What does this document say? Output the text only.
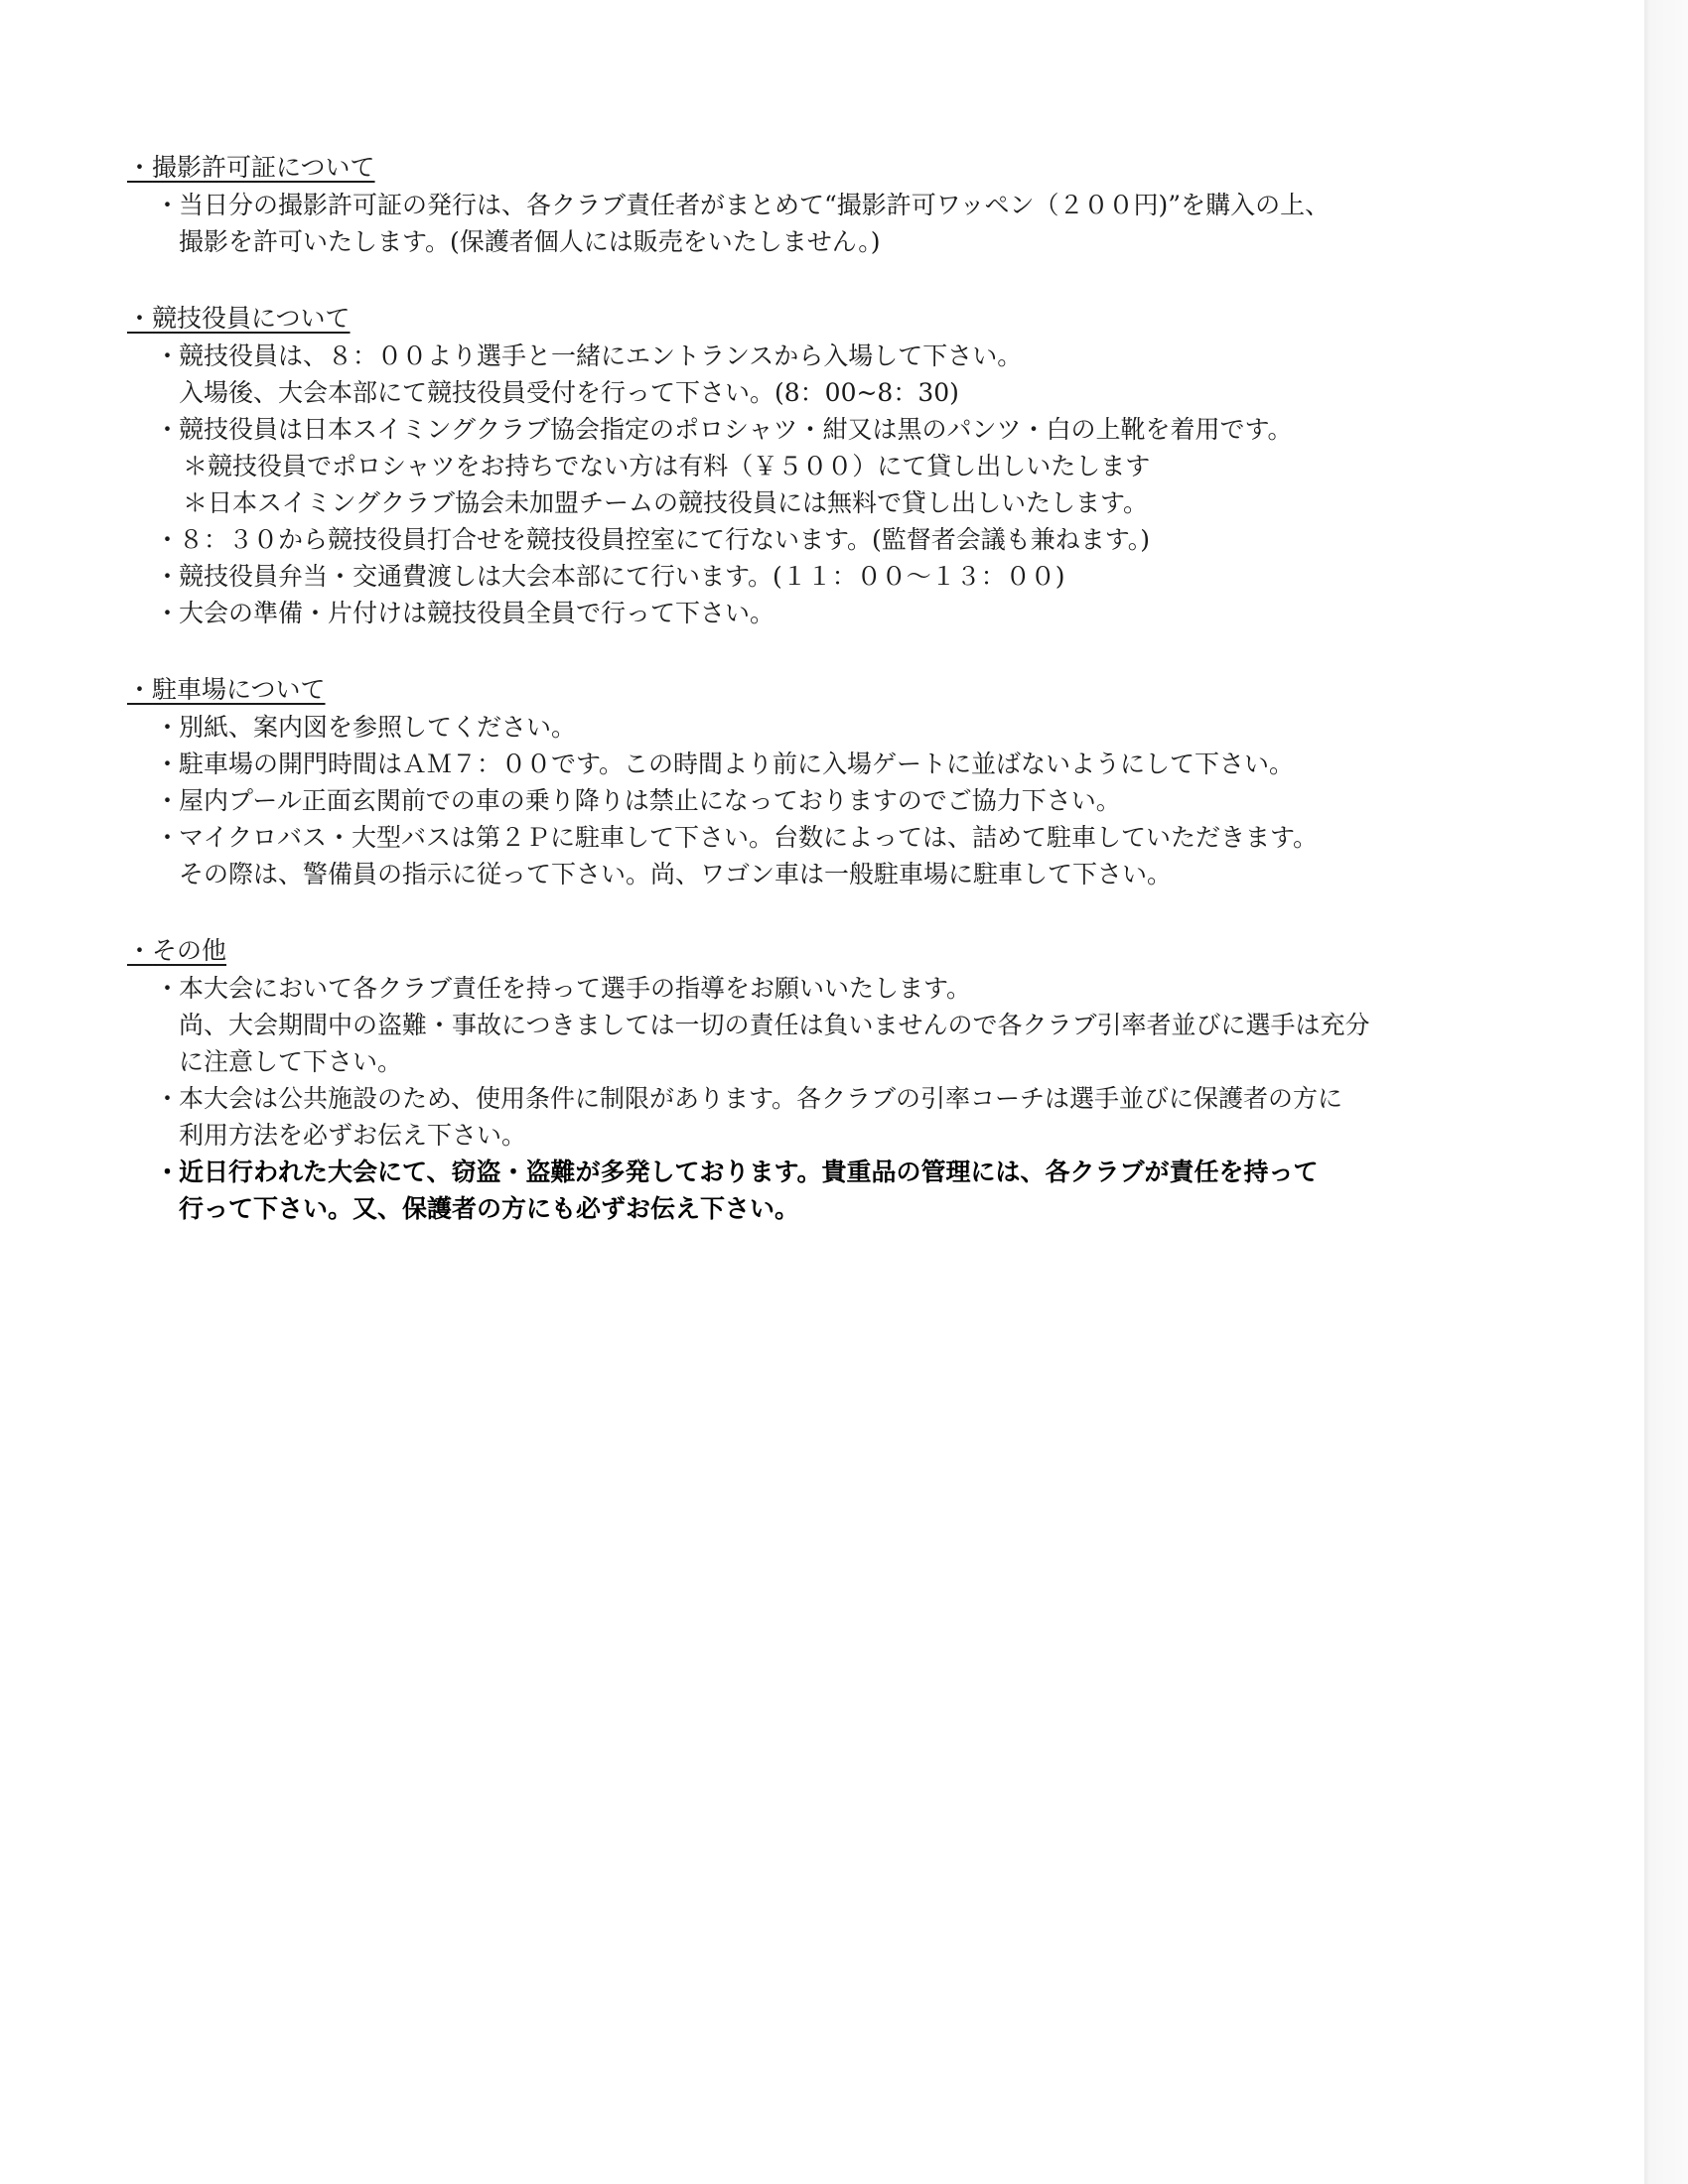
・撮影許可証について
・
当日分の撮影許可証の発行は、各クラブ責任者がまとめて“撮影許可ワッペン（２００円)”を購入の上、
撮影を許可いたします。(保護者個人には販売をいたしません。)
・競技役員について
・
競技役員は、８：００より選手と一緒にエントランスから入場して下さい。
入場後、大会本部にて競技役員受付を行って下さい。(8：00~8：30)
・
競技役員は日本スイミングクラブ協会指定のポロシャツ・紺又は黒のパンツ・白の上靴を着用です。
＊競技役員でポロシャツをお持ちでない方は有料（￥５００）にて貸し出しいたします
＊日本スイミングクラブ協会未加盟チームの競技役員には無料で貸し出しいたします。
・
８：３０から競技役員打合せを競技役員控室にて行ないます。(監督者会議も兼ねます。)
・
競技役員弁当・交通費渡しは大会本部にて行います。(１１：００～１３：００)
・
大会の準備・片付けは競技役員全員で行って下さい。
・駐車場について
・
別紙、案内図を参照してください。
・
駐車場の開門時間はＡＭ７：００です。この時間より前に入場ゲートに並ばないようにして下さい。
・
屋内プール正面玄関前での車の乗り降りは禁止になっておりますのでご協力下さい。
・
マイクロバス・大型バスは第２Ｐに駐車して下さい。台数によっては、詰めて駐車していただきます。
その際は、警備員の指示に従って下さい。尚、ワゴン車は一般駐車場に駐車して下さい。
・その他
・
本大会において各クラブ責任を持って選手の指導をお願いいたします。
尚、大会期間中の盗難・事故につきましては一切の責任は負いませんので各クラブ引率者並びに選手は充分
に注意して下さい。
・
本大会は公共施設のため、使用条件に制限があります。各クラブの引率コーチは選手並びに保護者の方に
利用方法を必ずお伝え下さい。
・
近日行われた大会にて、窃盗・盗難が多発しております。貴重品の管理には、各クラブが責任を持って
行って下さい。又、保護者の方にも必ずお伝え下さい。
